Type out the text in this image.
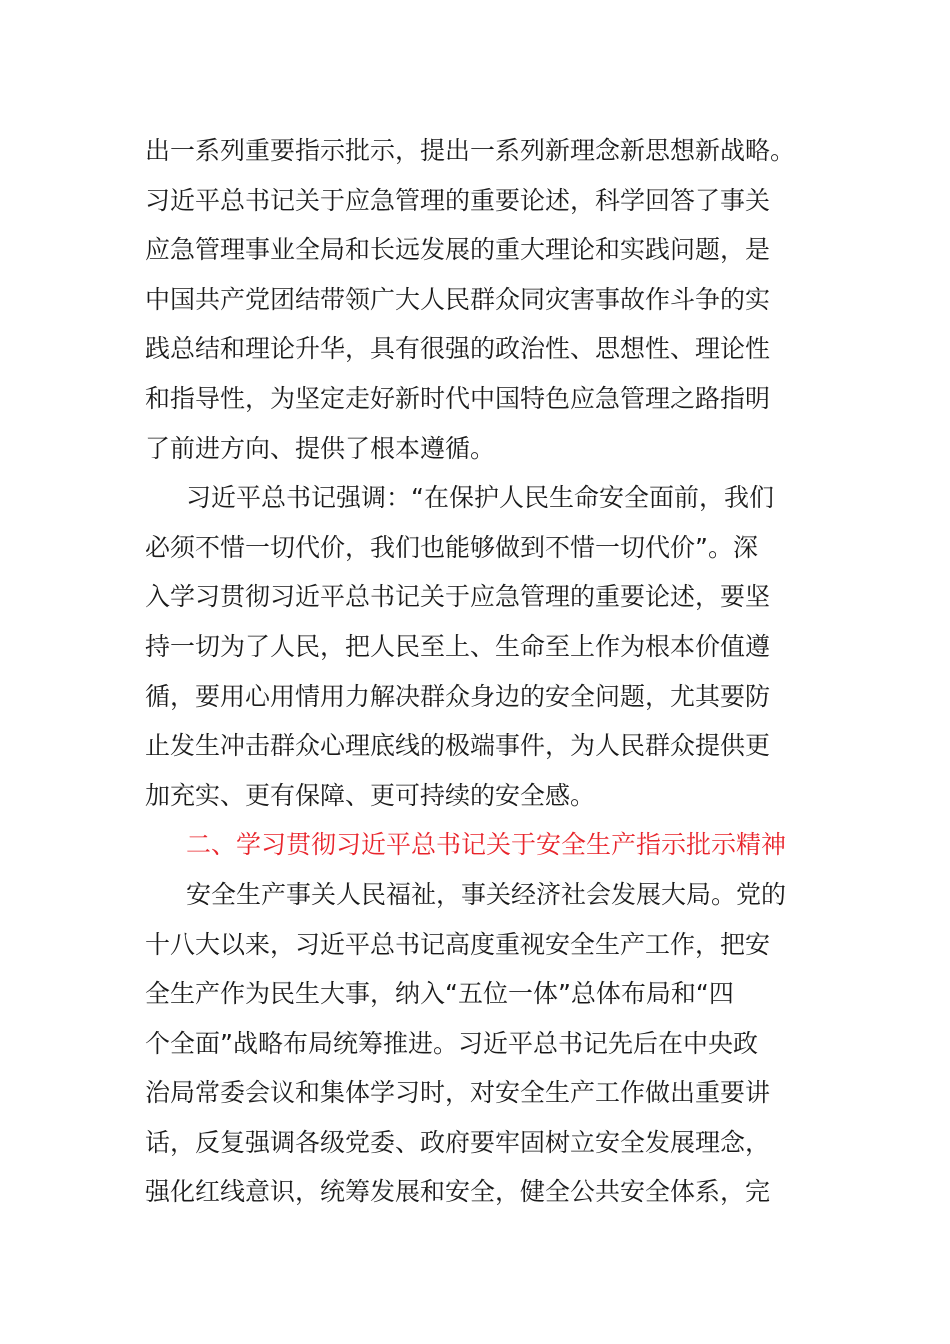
出一系列重要指示批示，提出一系列新理念新思想新战略。
习近平总书记关于应急管理的重要论述，科学回答了事关
应急管理事业全局和长远发展的重大理论和实践问题，是
中国共产党团结带领广大人民群众同灾害事故作斗争的实
践总结和理论升华，具有很强的政治性、思想性、理论性
和指导性，为坚定走好新时代中国特色应急管理之路指明
了前进方向、提供了根本遵循。
习近平总书记强调：“在保护人民生命安全面前，我们
必须不惜一切代价，我们也能够做到不惜一切代价”。深
入学习贯彻习近平总书记关于应急管理的重要论述，要坚
持一切为了人民，把人民至上、生命至上作为根本价值遵
循，要用心用情用力解决群众身边的安全问题，尤其要防
止发生冲击群众心理底线的极端事件，为人民群众提供更
加充实、更有保障、更可持续的安全感。
二、学习贯彻习近平总书记关于安全生产指示批示精神
安全生产事关人民福祉，事关经济社会发展大局。党的
十八大以来，习近平总书记高度重视安全生产工作，把安
全生产作为民生大事，纳入“五位一体”总体布局和“四
个全面”战略布局统筹推进。习近平总书记先后在中央政
治局常委会议和集体学习时，对安全生产工作做出重要讲
话，反复强调各级党委、政府要牢固树立安全发展理念，
强化红线意识，统筹发展和安全，健全公共安全体系，完
